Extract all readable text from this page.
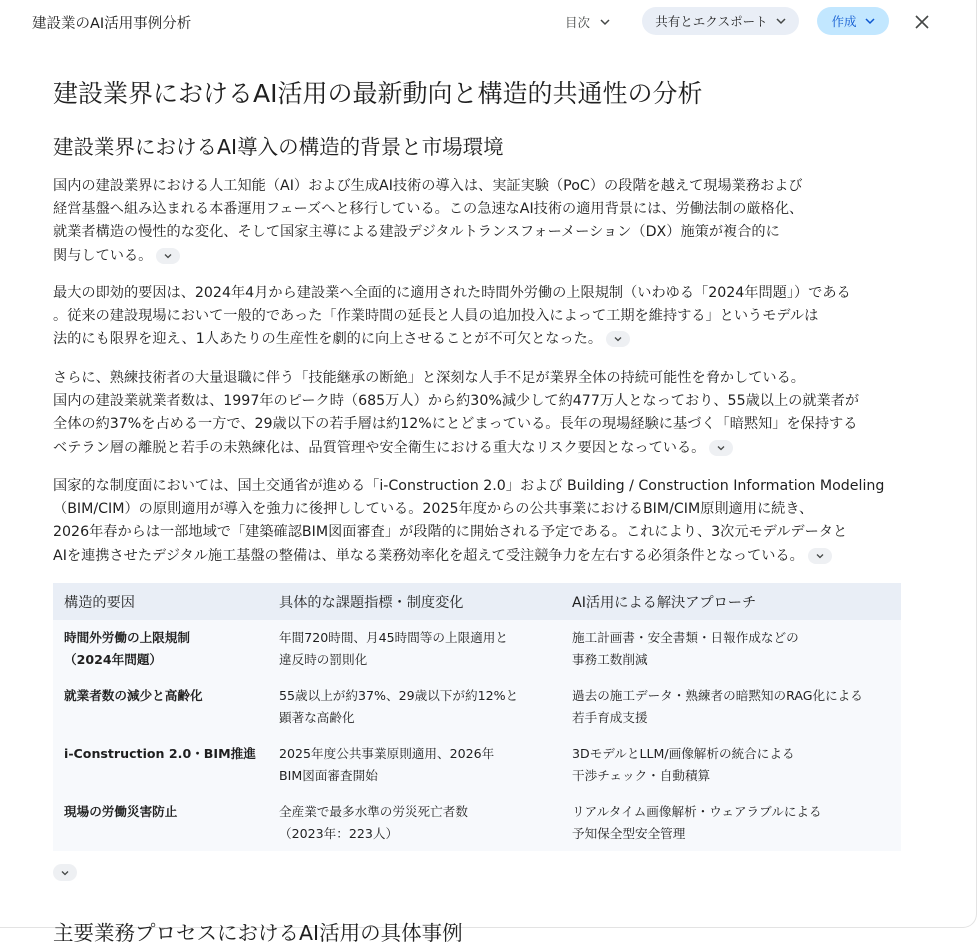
建設業のAI活用事例分析	目次	共有とエクスポート	作成
建設業界におけるAI活用の最新動向と構造的共通性の分析
建設業界におけるAI導入の構造的背景と市場環境
国内の建設業界における人工知能（AI）および生成AI技術の導入は、実証実験（PoC）の段階を越えて現場業務および
経営基盤へ組み込まれる本番運用フェーズへと移行している。この急速なAI技術の適用背景には、労働法制の厳格化、
就業者構造の慢性的な変化、そして国家主導による建設デジタルトランスフォーメーション（DX）施策が複合的に
関与している。
最大の即効的要因は、2024年4月から建設業へ全面的に適用された時間外労働の上限規制（いわゆる「2024年問題」）である
。従来の建設現場において一般的であった「作業時間の延長と人員の追加投入によって工期を維持する」というモデルは
法的にも限界を迎え、1人あたりの生産性を劇的に向上させることが不可欠となった。
さらに、熟練技術者の大量退職に伴う「技能継承の断絶」と深刻な人手不足が業界全体の持続可能性を脅かしている。
国内の建設業就業者数は、1997年のピーク時（685万人）から約30%減少して約477万人となっており、55歳以上の就業者が
全体の約37%を占める一方で、29歳以下の若手層は約12%にとどまっている。長年の現場経験に基づく「暗黙知」を保持する
ベテラン層の離脱と若手の未熟練化は、品質管理や安全衛生における重大なリスク要因となっている。
国家的な制度面においては、国土交通省が進める「i-Construction 2.0」および Building / Construction Information Modeling
（BIM/CIM）の原則適用が導入を強力に後押ししている。2025年度からの公共事業におけるBIM/CIM原則適用に続き、
2026年春からは一部地域で「建築確認BIM図面審査」が段階的に開始される予定である。これにより、3次元モデルデータと
AIを連携させたデジタル施工基盤の整備は、単なる業務効率化を超えて受注競争力を左右する必須条件となっている。
構造的要因	具体的な課題指標・制度変化	AI活用による解決アプローチ

時間外労働の上限規制
（2024年問題）	年間720時間、月45時間等の上限適用と
違反時の罰則化	施工計画書・安全書類・日報作成などの
事務工数削減

就業者数の減少と高齢化	55歳以上が約37%、29歳以下が約12%と
顕著な高齢化	過去の施工データ・熟練者の暗黙知のRAG化による
若手育成支援

i-Construction 2.0・BIM推進	2025年度公共事業原則適用、2026年
BIM図面審査開始	3DモデルとLLM/画像解析の統合による
干渉チェック・自動積算

現場の労働災害防止	全産業で最多水準の労災死亡者数
（2023年：223人）	リアルタイム画像解析・ウェアラブルによる
予知保全型安全管理
主要業務プロセスにおけるAI活用の具体事例
